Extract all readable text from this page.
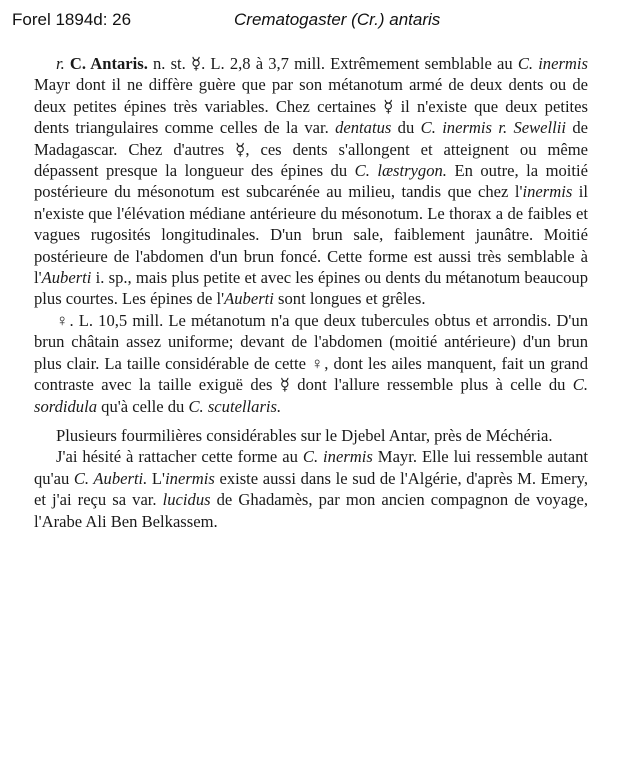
Forel 1894d: 26	Crematogaster (Cr.) antaris

r. C. Antaris. n. st. ☿. L. 2,8 à 3,7 mill. Extrêmement semblable au C. inermis Mayr dont il ne diffère guère que par son métanotum armé de deux dents ou de deux petites épines très variables. Chez certaines ☿ il n'existe que deux petites dents triangulaires comme celles de la var. dentatus du C. inermis r. Sewellii de Madagascar. Chez d'autres ☿, ces dents s'allongent et atteignent ou même dépassent presque la longueur des épines du C. læstrygon. En outre, la moitié postérieure du mésonotum est subcarénée au milieu, tandis que chez l'inermis il n'existe que l'élévation médiane antérieure du mésonotum. Le thorax a de faibles et vagues rugosités longitudinales. D'un brun sale, faiblement jaunâtre. Moitié postérieure de l'abdomen d'un brun foncé. Cette forme est aussi très semblable à l'Auberti i. sp., mais plus petite et avec les épines ou dents du métanotum beaucoup plus courtes. Les épines de l'Auberti sont longues et grêles.

♀. L. 10,5 mill. Le métanotum n'a que deux tubercules obtus et arrondis. D'un brun châtain assez uniforme; devant de l'abdomen (moitié antérieure) d'un brun plus clair. La taille considérable de cette ♀, dont les ailes manquent, fait un grand contraste avec la taille exiguë des ☿ dont l'allure ressemble plus à celle du C. sordidula qu'à celle du C. scutellaris.

Plusieurs fourmilières considérables sur le Djebel Antar, près de Méchéria.

J'ai hésité à rattacher cette forme au C. inermis Mayr. Elle lui ressemble autant qu'au C. Auberti. L'inermis existe aussi dans le sud de l'Algérie, d'après M. Emery, et j'ai reçu sa var. lucidus de Ghadamès, par mon ancien compagnon de voyage, l'Arabe Ali Ben Belkassem.
